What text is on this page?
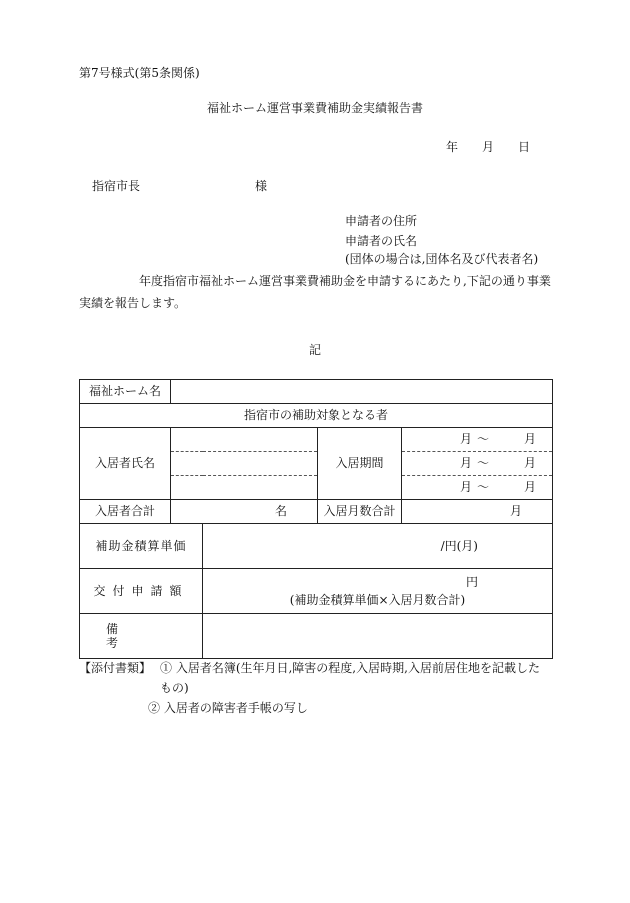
第7号様式(第5条関係)
福祉ホーム運営事業費補助金実績報告書
年 月 日
指宿市長	様
申請者の住所
申請者の氏名
(団体の場合は,団体名及び代表者名)
年度指宿市福祉ホーム運営事業費補助金を申請するにあたり,下記の通り事業
実績を報告します。
記
福祉ホーム名				
指宿市の補助対象となる者				
入居者氏名			入居期間	月 〜 月

				月 〜 月

				月 〜 月

入居者合計	名		入居月数合計	月

補助金積算単価		/円(月)		
交付申請額		円
(補助金積算単価×入居月数合計)		

備考				

【添付書類】 ① 入居者名簿(生年月日,障害の程度,入居時期,入居前居住地を記載した
もの)
② 入居者の障害者手帳の写し
